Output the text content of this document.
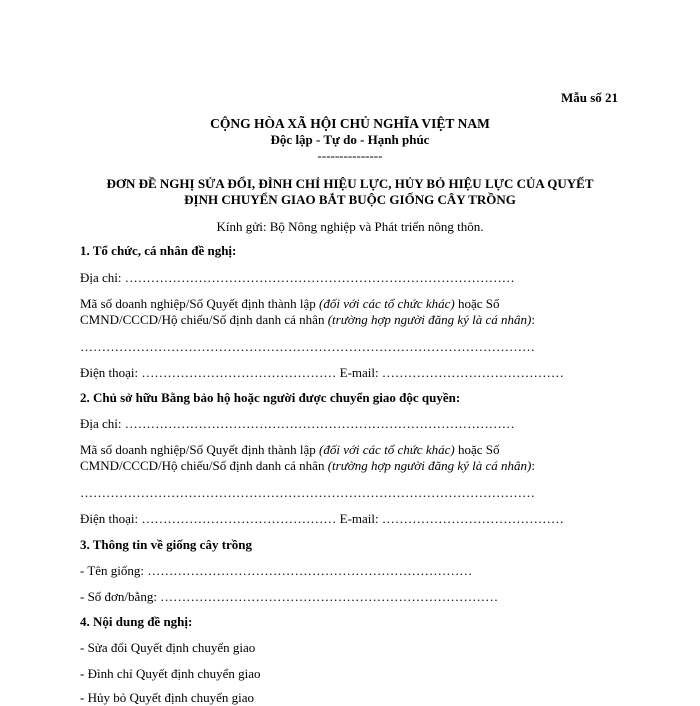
Mẫu số 21
CỘNG HÒA XÃ HỘI CHỦ NGHĨA VIỆT NAM
Độc lập - Tự do - Hạnh phúc
---------------
ĐƠN ĐỀ NGHỊ SỬA ĐỔI, ĐÌNH CHỈ HIỆU LỰC, HỦY BỎ HIỆU LỰC CỦA QUYẾT
ĐỊNH CHUYỂN GIAO BẮT BUỘC GIỐNG CÂY TRỒNG
Kính gửi: Bộ Nông nghiệp và Phát triển nông thôn.
1. Tổ chức, cá nhân đề nghị:
Địa chỉ: ………………………………………………………………………………
Mã số doanh nghiệp/Số Quyết định thành lập (đối với các tổ chức khác) hoặc Số
CMND/CCCD/Hộ chiếu/Số định danh cá nhân (trường hợp người đăng ký là cá nhân):
……………………………………………………………………………………………
Điện thoại: ……………………………………… E-mail: ……………………………………
2. Chủ sở hữu Bằng bảo hộ hoặc người được chuyển giao độc quyền:
Địa chỉ: ………………………………………………………………………………
Mã số doanh nghiệp/Số Quyết định thành lập (đối với các tổ chức khác) hoặc Số
CMND/CCCD/Hộ chiếu/Số định danh cá nhân (trường hợp người đăng ký là cá nhân):
……………………………………………………………………………………………
Điện thoại: ……………………………………… E-mail: ……………………………………
3. Thông tin về giống cây trồng
- Tên giống: …………………………………………………………………
- Số đơn/bằng: ……………………………………………………………………
4. Nội dung đề nghị:
- Sửa đổi Quyết định chuyển giao
- Đình chỉ Quyết định chuyển giao
- Hủy bỏ Quyết định chuyển giao
